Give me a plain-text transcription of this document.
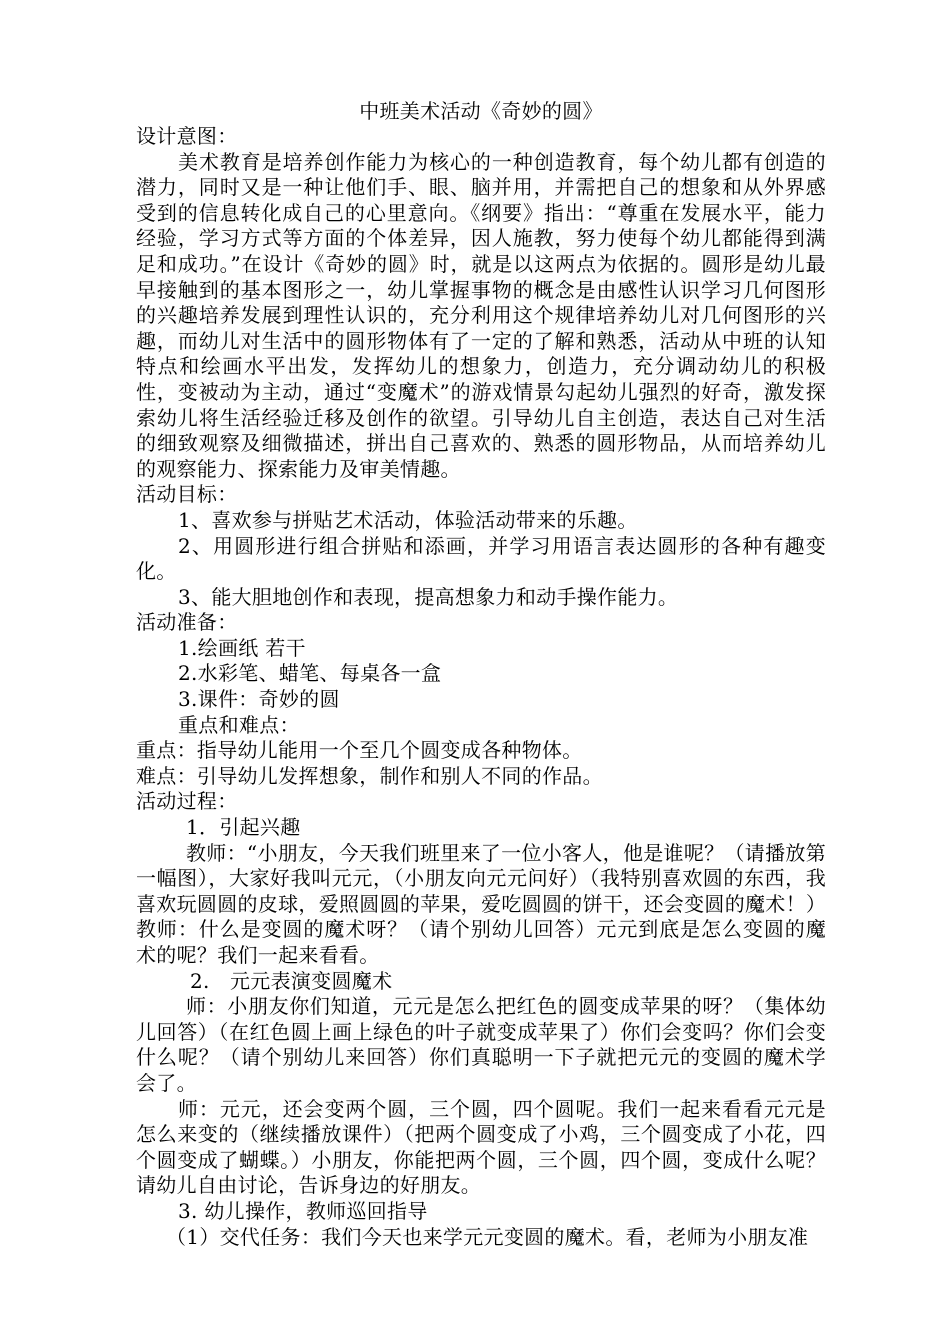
中班美术活动《奇妙的圆》

设计意图：

美术教育是培养创作能力为核心的一种创造教育，每个幼儿都有创造的潜力，同时又是一种让他们手、眼、脑并用，并需把自己的想象和从外界感受到的信息转化成自己的心里意向。《纲要》指出：“尊重在发展水平，能力经验，学习方式等方面的个体差异，因人施教，努力使每个幼儿都能得到满足和成功。”在设计《奇妙的圆》时，就是以这两点为依据的。圆形是幼儿最早接触到的基本图形之一，幼儿掌握事物的概念是由感性认识学习几何图形的兴趣培养发展到理性认识的，充分利用这个规律培养幼儿对几何图形的兴趣，而幼儿对生活中的圆形物体有了一定的了解和熟悉，活动从中班的认知特点和绘画水平出发，发挥幼儿的想象力，创造力，充分调动幼儿的积极性，变被动为主动，通过“变魔术”的游戏情景勾起幼儿强烈的好奇，激发探索幼儿将生活经验迁移及创作的欲望。引导幼儿自主创造，表达自己对生活的细致观察及细微描述，拼出自己喜欢的、熟悉的圆形物品，从而培养幼儿的观察能力、探索能力及审美情趣。

活动目标：

1、喜欢参与拼贴艺术活动，体验活动带来的乐趣。

2、用圆形进行组合拼贴和添画，并学习用语言表达圆形的各种有趣变化。

3、能大胆地创作和表现，提高想象力和动手操作能力。

活动准备：

1.绘画纸 若干

2.水彩笔、蜡笔、每桌各一盒

3.课件：奇妙的圆

重点和难点：

重点：指导幼儿能用一个至几个圆变成各种物体。

难点：引导幼儿发挥想象，制作和别人不同的作品。

活动过程：

1．引起兴趣

教师：“小朋友，今天我们班里来了一位小客人，他是谁呢？（请播放第一幅图），大家好我叫元元，（小朋友向元元问好）（我特别喜欢圆的东西，我喜欢玩圆圆的皮球，爱照圆圆的苹果，爱吃圆圆的饼干，还会变圆的魔术！）

教师：什么是变圆的魔术呀？（请个别幼儿回答）元元到底是怎么变圆的魔术的呢？我们一起来看看。

2.　元元表演变圆魔术

师：小朋友你们知道，元元是怎么把红色的圆变成苹果的呀？（集体幼儿回答）（在红色圆上画上绿色的叶子就变成苹果了）你们会变吗？你们会变什么呢？（请个别幼儿来回答）你们真聪明一下子就把元元的变圆的魔术学会了。

师：元元，还会变两个圆，三个圆，四个圆呢。我们一起来看看元元是怎么来变的（继续播放课件）（把两个圆变成了小鸡，三个圆变成了小花，四个圆变成了蝴蝶。）小朋友，你能把两个圆，三个圆，四个圆，变成什么呢？请幼儿自由讨论，告诉身边的好朋友。

3. 幼儿操作，教师巡回指导

（1）交代任务：我们今天也来学元元变圆的魔术。看，老师为小朋友准
